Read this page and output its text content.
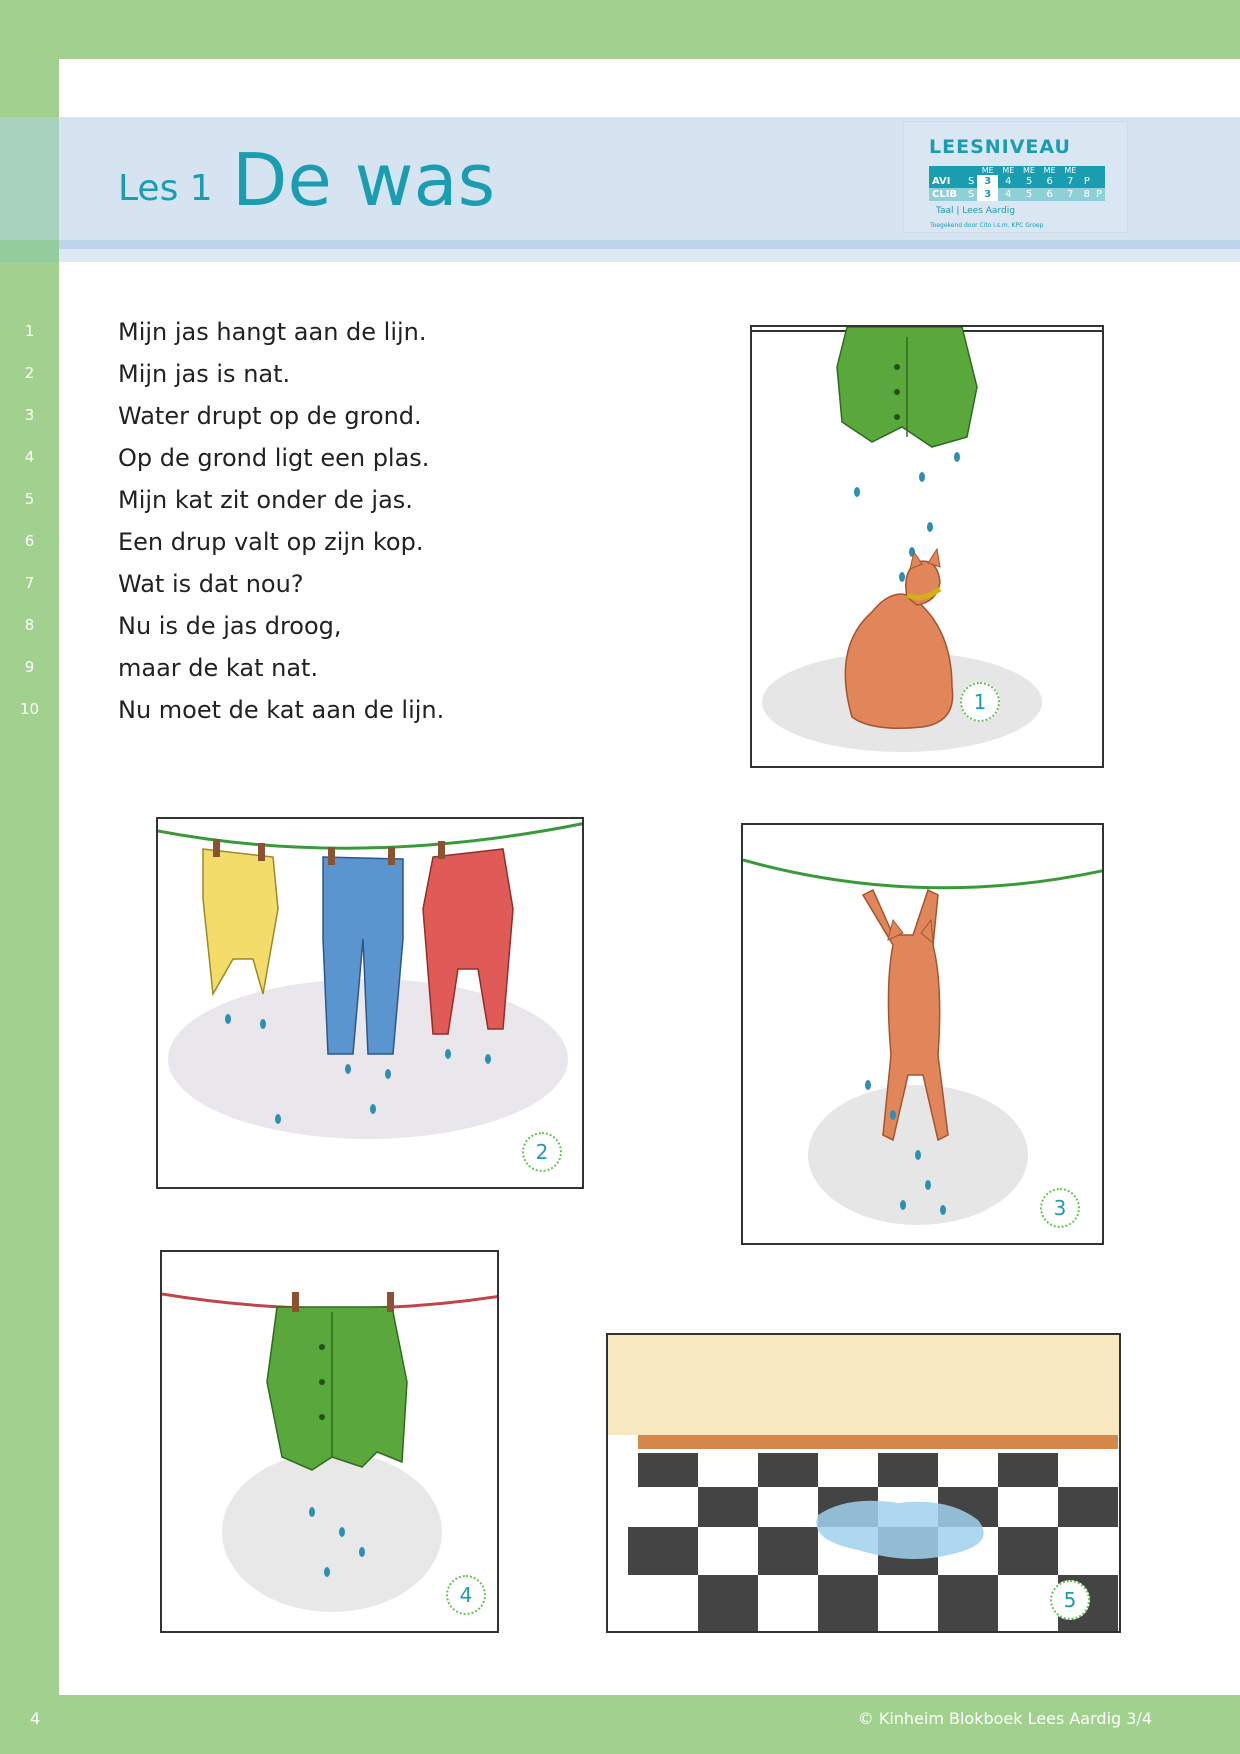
Les 1 De was	LEESNIVEAU
		ME	ME	ME	ME	ME		
AVI	S	3	4	5	6	7	P	
CLIB	S	3	4	5	6	7	8	P
Taal | Lees Aardig
Toegekend door Cito i.s.m. KPC Groep
1	Mijn jas hangt aan de lijn.
2	Mijn jas is nat.
3	Water drupt op de grond.
4	Op de grond ligt een plas.
5	Mijn kat zit onder de jas.
6	Een drup valt op zijn kop.
7	Wat is dat nou?
8	Nu is de jas droog,
9	maar de kat nat.
10	Nu moet de kat aan de lijn.	1
2
3
4	5
4	© Kinheim Blokboek Lees Aardig 3/4
